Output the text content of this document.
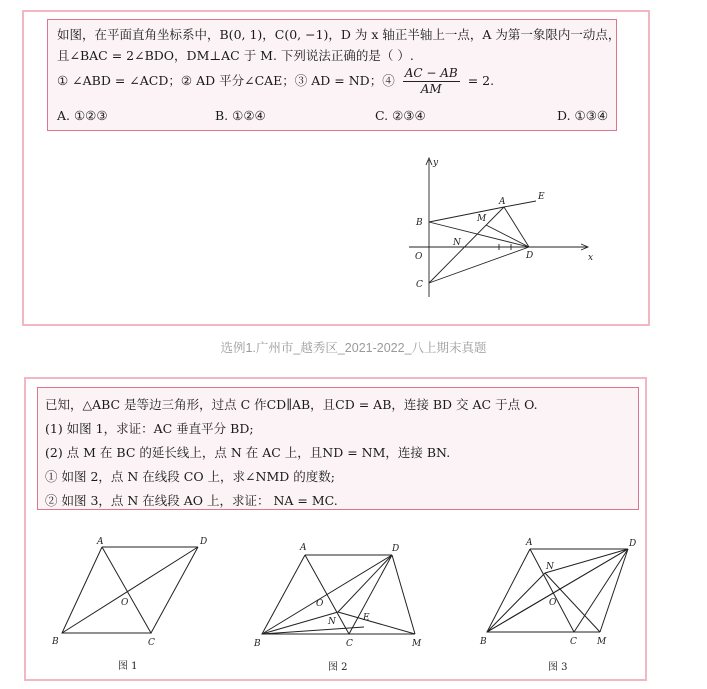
如图，在平面直角坐标系中，B(0, 1)，C(0, −1)，D 为 x 轴正半轴上一点，A 为第一象限内一动点，
且∠BAC = 2∠BDO，DM⊥AC 于 M. 下列说法正确的是（ ）.
① ∠ABD = ∠ACD；② AD 平分∠CAE；③ AD = ND；④ $\frac{AC - AB}{AM} = 2$.
A. ①②③	B. ①②④	C. ②③④	D. ①③④
y
x
O
B
C
D
A	E
M
N
选例1.广州市_越秀区_2021-2022_八上期末真题
已知，△ABC 是等边三角形，过点 C 作CD∥AB，且CD = AB，连接 BD 交 AC 于点 O.
(1) 如图 1，求证：AC 垂直平分 BD;
(2) 点 M 在 BC 的延长线上，点 N 在 AC 上，且ND = NM，连接 BN.
① 如图 2，点 N 在线段 CO 上，求∠NMD 的度数;
② 如图 3，点 N 在线段 AO 上，求证： NA = MC.
A	D
B	C
O
图 1
A	D
B	C
O
N	E
M
图 2
A	D
B	C
N
O
M
图 3
